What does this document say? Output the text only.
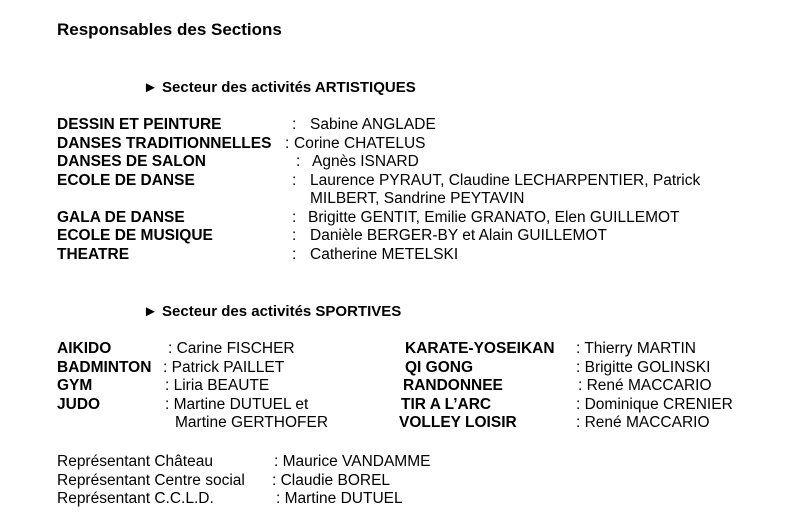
Responsables des Sections
► Secteur des activités ARTISTIQUES
DESSIN ET PEINTURE	: Sabine ANGLADE
DANSES TRADITIONNELLES : Corine CHATELUS
DANSES DE SALON	: Agnès ISNARD
ECOLE DE DANSE	: Laurence PYRAUT, Claudine LECHARPENTIER, Patrick
MILBERT, Sandrine PEYTAVIN
GALA DE DANSE	: Brigitte GENTIT, Emilie GRANATO, Elen GUILLEMOT
ECOLE DE MUSIQUE	: Danièle BERGER-BY et Alain GUILLEMOT
THEATRE	: Catherine METELSKI
► Secteur des activités SPORTIVES
AIKIDO	: Carine FISCHER	KARATE-YOSEIKAN : Thierry MARTIN
BADMINTON : Patrick PAILLET	QI GONG	: Brigitte GOLINSKI
GYM	: Liria BEAUTE	RANDONNEE	: René MACCARIO
JUDO	: Martine DUTUEL et	TIR A L’ARC	: Dominique CRENIER
Martine GERTHOFER	VOLLEY LOISIR	: René MACCARIO
Représentant Château	: Maurice VANDAMME
Représentant Centre social : Claudie BOREL
Représentant C.C.L.D.	: Martine DUTUEL
